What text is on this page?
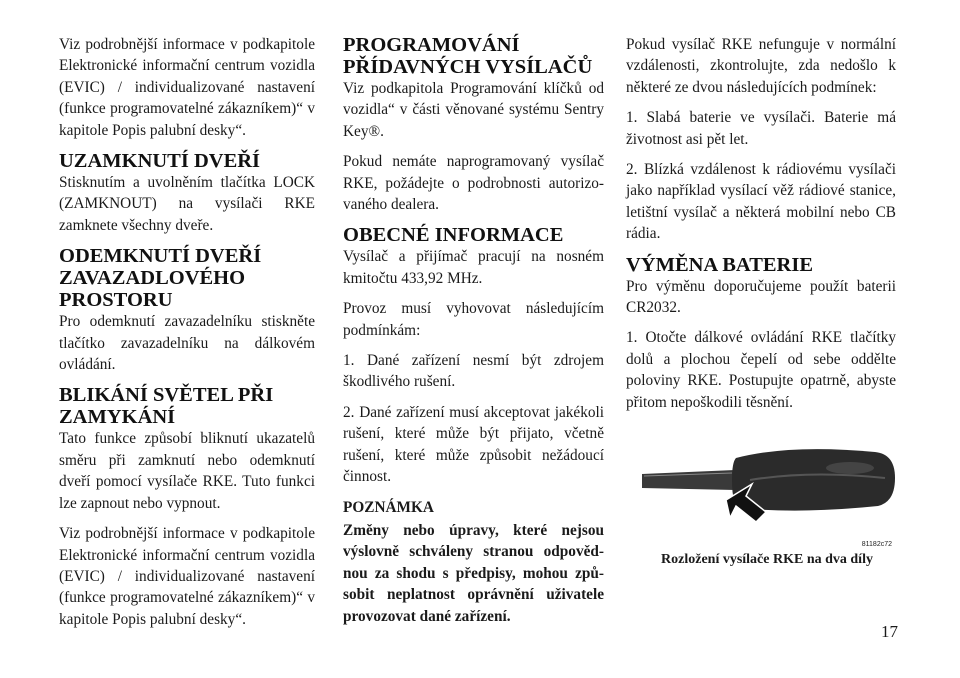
Viz podrobnější informace v podkapitole Elektronické informační centrum vozidla (EVIC) / individualizované nastavení (funkce programovatelné zákazníkem)“ v kapitole Popis palubní desky“.

UZAMKNUTÍ DVEŘÍ

Stisknutím a uvolněním tlačítka LOCK (ZAMKNOUT) na vysílači RKE zamknete všechny dveře.

ODEMKNUTÍ DVEŘÍ ZAVAZADLOVÉHO PROSTORU

Pro odemknutí zavazadelníku stiskněte tlačítko zavazadelníku na dálkovém ovládání.

BLIKÁNÍ SVĚTEL PŘI ZAMYKÁNÍ

Tato funkce způsobí bliknutí ukazatelů směru při zamknutí nebo odemknutí dveří pomocí vysílače RKE. Tuto funkci lze zapnout nebo vypnout.

Viz podrobnější informace v podkapitole Elektronické informační centrum vozidla (EVIC) / individualizované nastavení (funkce programovatelné zákazníkem)“ v kapitole Popis palubní desky“.

PROGRAMOVÁNÍ PŘÍDAVNÝCH VYSÍLAČŮ

Viz podkapitola Programování klíčků od vozidla“ v části věnované systému Sentry Key®.

Pokud nemáte naprogramovaný vysílač RKE, požádejte o podrobnosti autorizovaného dealera.

OBECNÉ INFORMACE

Vysílač a přijímač pracují na nosném kmitočtu 433,92 MHz.

Provoz musí vyhovovat následujícím podmínkám:

1. Dané zařízení nesmí být zdrojem škodlivého rušení.

2. Dané zařízení musí akceptovat jakékoli rušení, které může být přijato, včetně rušení, které může způsobit nežádoucí činnost.

POZNÁMKA

Změny nebo úpravy, které nejsou výslovně schváleny stranou odpovědnou za shodu s předpisy, mohou způsobit neplatnost oprávnění uživatele provozovat dané zařízení.

Pokud vysílač RKE nefunguje v normální vzdálenosti, zkontrolujte, zda nedošlo k některé ze dvou následujících podmínek:

1. Slabá baterie ve vysílači. Baterie má životnost asi pět let.

2. Blízká vzdálenost k rádiovému vysílači jako například vysílací věž rádiové stanice, letištní vysílač a některá mobilní nebo CB rádia.

VÝMĚNA BATERIE

Pro výměnu doporučujeme použít baterii CR2032.

1. Otočte dálkové ovládání RKE tlačítky dolů a plochou čepelí od sebe oddělte poloviny RKE. Postupujte opatrně, abyste přitom nepoškodili těsnění.

81182c72
Rozložení vysílače RKE na dva díly
17
